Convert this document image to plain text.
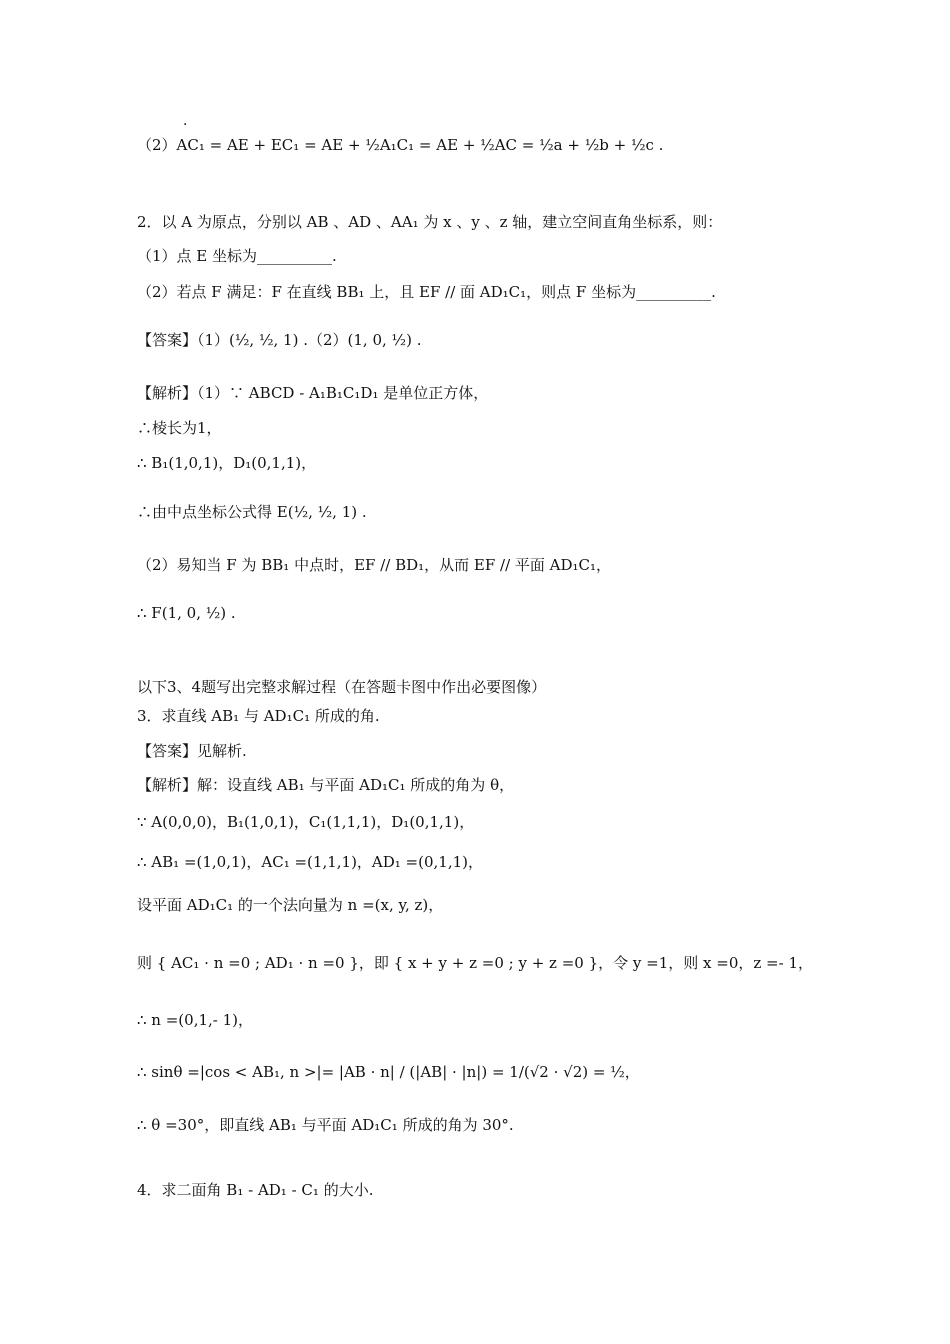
·
（2）AC₁ = AE + EC₁ = AE + ½A₁C₁ = AE + ½AC = ½a + ½b + ½c .
2．以 A 为原点，分别以 AB 、AD 、AA₁ 为 x 、y 、z 轴，建立空间直角坐标系，则：
（1）点 E 坐标为__________.
（2）若点 F 满足：F 在直线 BB₁ 上，且 EF // 面 AD₁C₁，则点 F 坐标为__________.
【答案】（1）(½, ½, 1) .（2）(1, 0, ½) .
【解析】（1）∵ ABCD - A₁B₁C₁D₁ 是单位正方体，
∴棱长为1，
∴ B₁(1,0,1)，D₁(0,1,1)，
∴由中点坐标公式得 E(½, ½, 1) .
（2）易知当 F 为 BB₁ 中点时，EF // BD₁，从而 EF // 平面 AD₁C₁，
∴ F(1, 0, ½) .
以下3、4题写出完整求解过程（在答题卡图中作出必要图像）
3．求直线 AB₁ 与 AD₁C₁ 所成的角.
【答案】见解析.
【解析】解：设直线 AB₁ 与平面 AD₁C₁ 所成的角为 θ，
∵ A(0,0,0)，B₁(1,0,1)，C₁(1,1,1)，D₁(0,1,1)，
∴ AB₁ =(1,0,1)，AC₁ =(1,1,1)，AD₁ =(0,1,1)，
设平面 AD₁C₁ 的一个法向量为 n =(x, y, z)，
则 { AC₁ · n =0 ; AD₁ · n =0 }，即 { x + y + z =0 ; y + z =0 }，令 y =1，则 x =0，z =- 1，
∴ n =(0,1,- 1)，
∴ sinθ =|cos < AB₁, n >|= |AB · n| / (|AB| · |n|) = 1/(√2 · √2) = ½，
∴ θ =30°，即直线 AB₁ 与平面 AD₁C₁ 所成的角为 30°.
4．求二面角 B₁ - AD₁ - C₁ 的大小.
